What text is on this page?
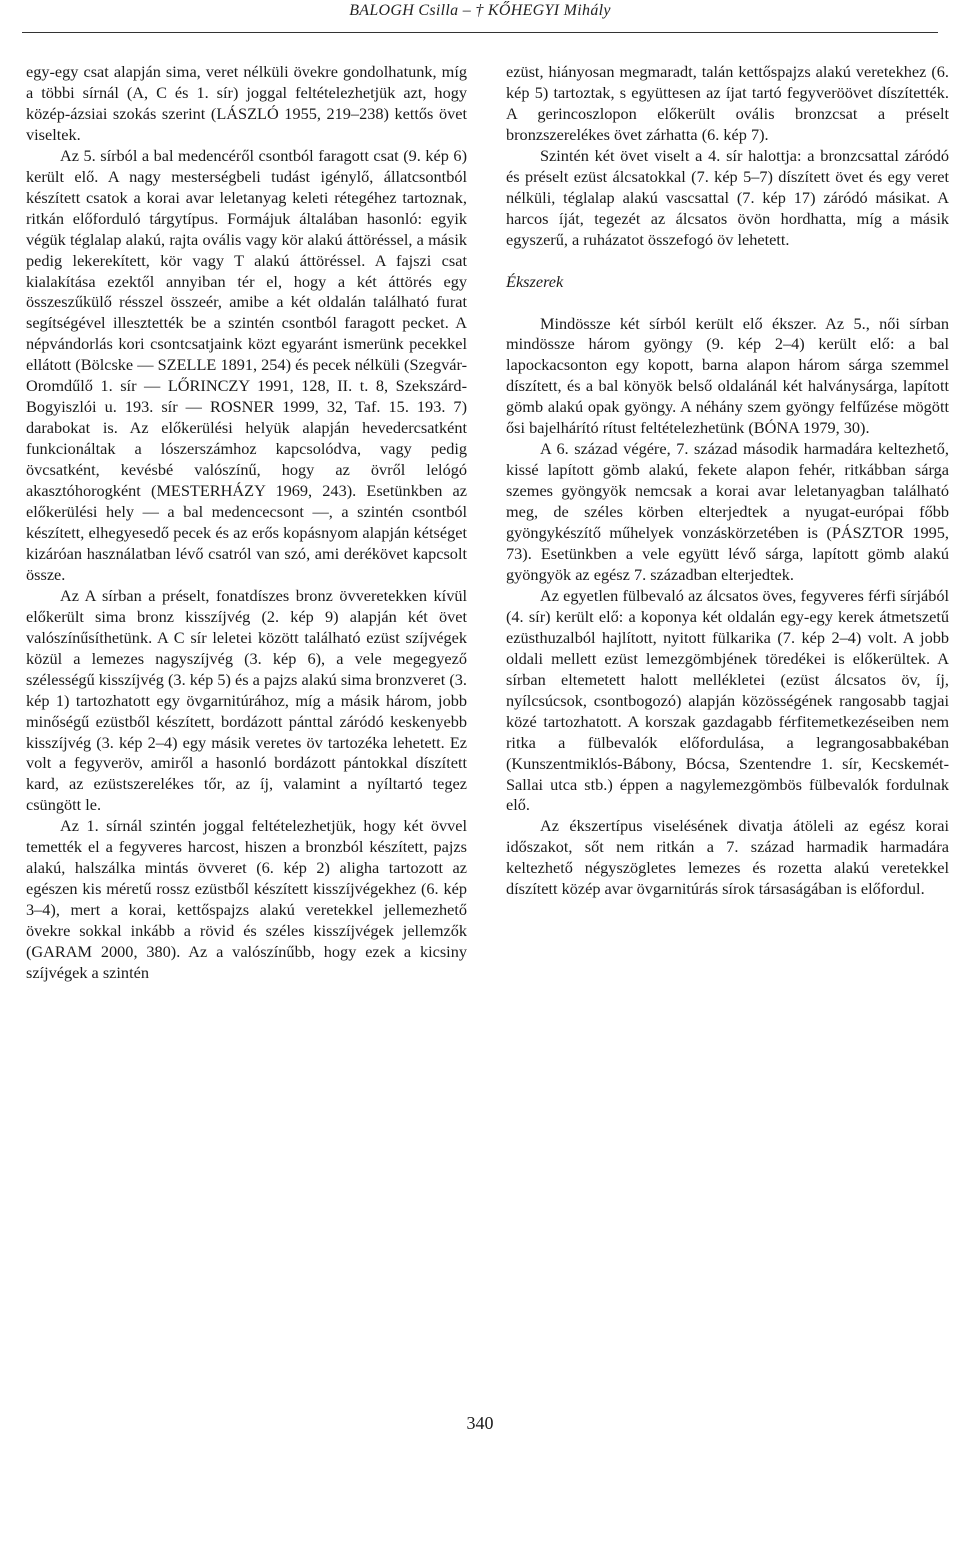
BALOGH Csilla – † KŐHEGYI Mihály

egy-egy csat alapján sima, veret nélküli övekre gondolhatunk, míg a többi sírnál (A, C és 1. sír) joggal feltételezhetjük azt, hogy közép-ázsiai szokás szerint (LÁSZLÓ 1955, 219–238) kettős övet viseltek.

Az 5. sírból a bal medencéről csontból faragott csat (9. kép 6) került elő. A nagy mesterségbeli tudást igénylő, állatcsontból készített csatok a korai avar leletanyag keleti rétegéhez tartoznak, ritkán előforduló tárgytípus. Formájuk általában hasonló: egyik végük téglalap alakú, rajta ovális vagy kör alakú áttöréssel, a másik pedig lekerekített, kör vagy T alakú áttöréssel. A fajszi csat kialakítása ezektől annyiban tér el, hogy a két áttörés egy összeszűkülő résszel összeér, amibe a két oldalán található furat segítségével illesztették be a szintén csontból faragott pecket. A népvándorlás kori csontcsatjaink közt egyaránt ismerünk pecekkel ellátott (Bölcske — SZELLE 1891, 254) és pecek nélküli (Szegvár-Oromdűlő 1. sír — LŐRINCZY 1991, 128, II. t. 8, Szekszárd-Bogyiszlói u. 193. sír — ROSNER 1999, 32, Taf. 15. 193. 7) darabokat is. Az előkerülési helyük alapján hevedercsatként funkcionáltak a lószerszámhoz kapcsolódva, vagy pedig övcsatként, kevésbé valószínű, hogy az övről lelógó akasztóhorogként (MESTERHÁZY 1969, 243). Esetünkben az előkerülési hely — a bal medencecsont —, a szintén csontból készített, elhegyesedő pecek és az erős kopásnyom alapján kétséget kizáróan használatban lévő csatról van szó, ami derékövet kapcsolt össze.

Az A sírban a préselt, fonatdíszes bronz övveretekken kívül előkerült sima bronz kisszíjvég (2. kép 9) alapján két övet valószínűsíthetünk. A C sír leletei között található ezüst szíjvégek közül a lemezes nagyszíjvég (3. kép 6), a vele megegyező szélességű kisszíjvég (3. kép 5) és a pajzs alakú sima bronzveret (3. kép 1) tartozhatott egy övgarnitúrához, míg a másik három, jobb minőségű ezüstből készített, bordázott pánttal záródó keskenyebb kisszíjvég (3. kép 2–4) egy másik veretes öv tartozéka lehetett. Ez volt a fegyveröv, amiről a hasonló bordázott pántokkal díszített kard, az ezüstszerelékes tőr, az íj, valamint a nyíltartó tegez csüngött le.

Az 1. sírnál szintén joggal feltételezhetjük, hogy két övvel temették el a fegyveres harcost, hiszen a bronzból készített, pajzs alakú, halszálka mintás övveret (6. kép 2) aligha tartozott az egészen kis méretű rossz ezüstből készített kisszíjvégekhez (6. kép 3–4), mert a korai, kettőspajzs alakú veretekkel jellemezhető övekre sokkal inkább a rövid és széles kisszíjvégek jellemzők (GARAM 2000, 380). Az a valószínűbb, hogy ezek a kicsiny szíjvégek a szintén

ezüst, hiányosan megmaradt, talán kettőspajzs alakú veretekhez (6. kép 5) tartoztak, s együttesen az íjat tartó fegyveröövet díszítették. A gerincoszlopon előkerült ovális bronzcsat a préselt bronzszerelékes övet zárhatta (6. kép 7).

Szintén két övet viselt a 4. sír halottja: a bronzcsattal záródó és préselt ezüst álcsatokkal (7. kép 5–7) díszített övet és egy veret nélküli, téglalap alakú vascsattal (7. kép 17) záródó másikat. A harcos íját, tegezét az álcsatos övön hordhatta, míg a másik egyszerű, a ruházatot összefogó öv lehetett.

Ékszerek

Mindössze két sírból került elő ékszer. Az 5., női sírban mindössze három gyöngy (9. kép 2–4) került elő: a bal lapockacsonton egy kopott, barna alapon három sárga szemmel díszített, és a bal könyök belső oldalánál két halványsárga, lapított gömb alakú opak gyöngy. A néhány szem gyöngy felfűzése mögött ősi bajelhárító rítust feltételezhetünk (BÓNA 1979, 30).

A 6. század végére, 7. század második harmadára keltezhető, kissé lapított gömb alakú, fekete alapon fehér, ritkábban sárga szemes gyöngyök nemcsak a korai avar leletanyagban található meg, de széles körben elterjedtek a nyugat-európai főbb gyöngykészítő műhelyek vonzáskörzetében is (PÁSZTOR 1995, 73). Esetünkben a vele együtt lévő sárga, lapított gömb alakú gyöngyök az egész 7. században elterjedtek.

Az egyetlen fülbevaló az álcsatos öves, fegyveres férfi sírjából (4. sír) került elő: a koponya két oldalán egy-egy kerek átmetszetű ezüsthuzalból hajlított, nyitott fülkarika (7. kép 2–4) volt. A jobb oldali mellett ezüst lemezgömbjének töredékei is előkerültek. A sírban eltemetett halott mellékletei (ezüst álcsatos öv, íj, nyílcsúcsok, csontbogozó) alapján közösségének rangosabb tagjai közé tartozhatott. A korszak gazdagabb férfitemetkezéseiben nem ritka a fülbevalók előfordulása, a legrangosabbakéban (Kunszentmiklós-Bábony, Bócsa, Szentendre 1. sír, Kecskemét-Sallai utca stb.) éppen a nagylemezgömbös fülbevalók fordulnak elő.

Az ékszertípus viselésének divatja átölelі az egész korai időszakot, sőt nem ritkán a 7. század harmadik harmadára keltezhető négyszögletes lemezes és rozetta alakú veretekkel díszített közép avar övgarnitúrás sírok társaságában is előfordul.

340
